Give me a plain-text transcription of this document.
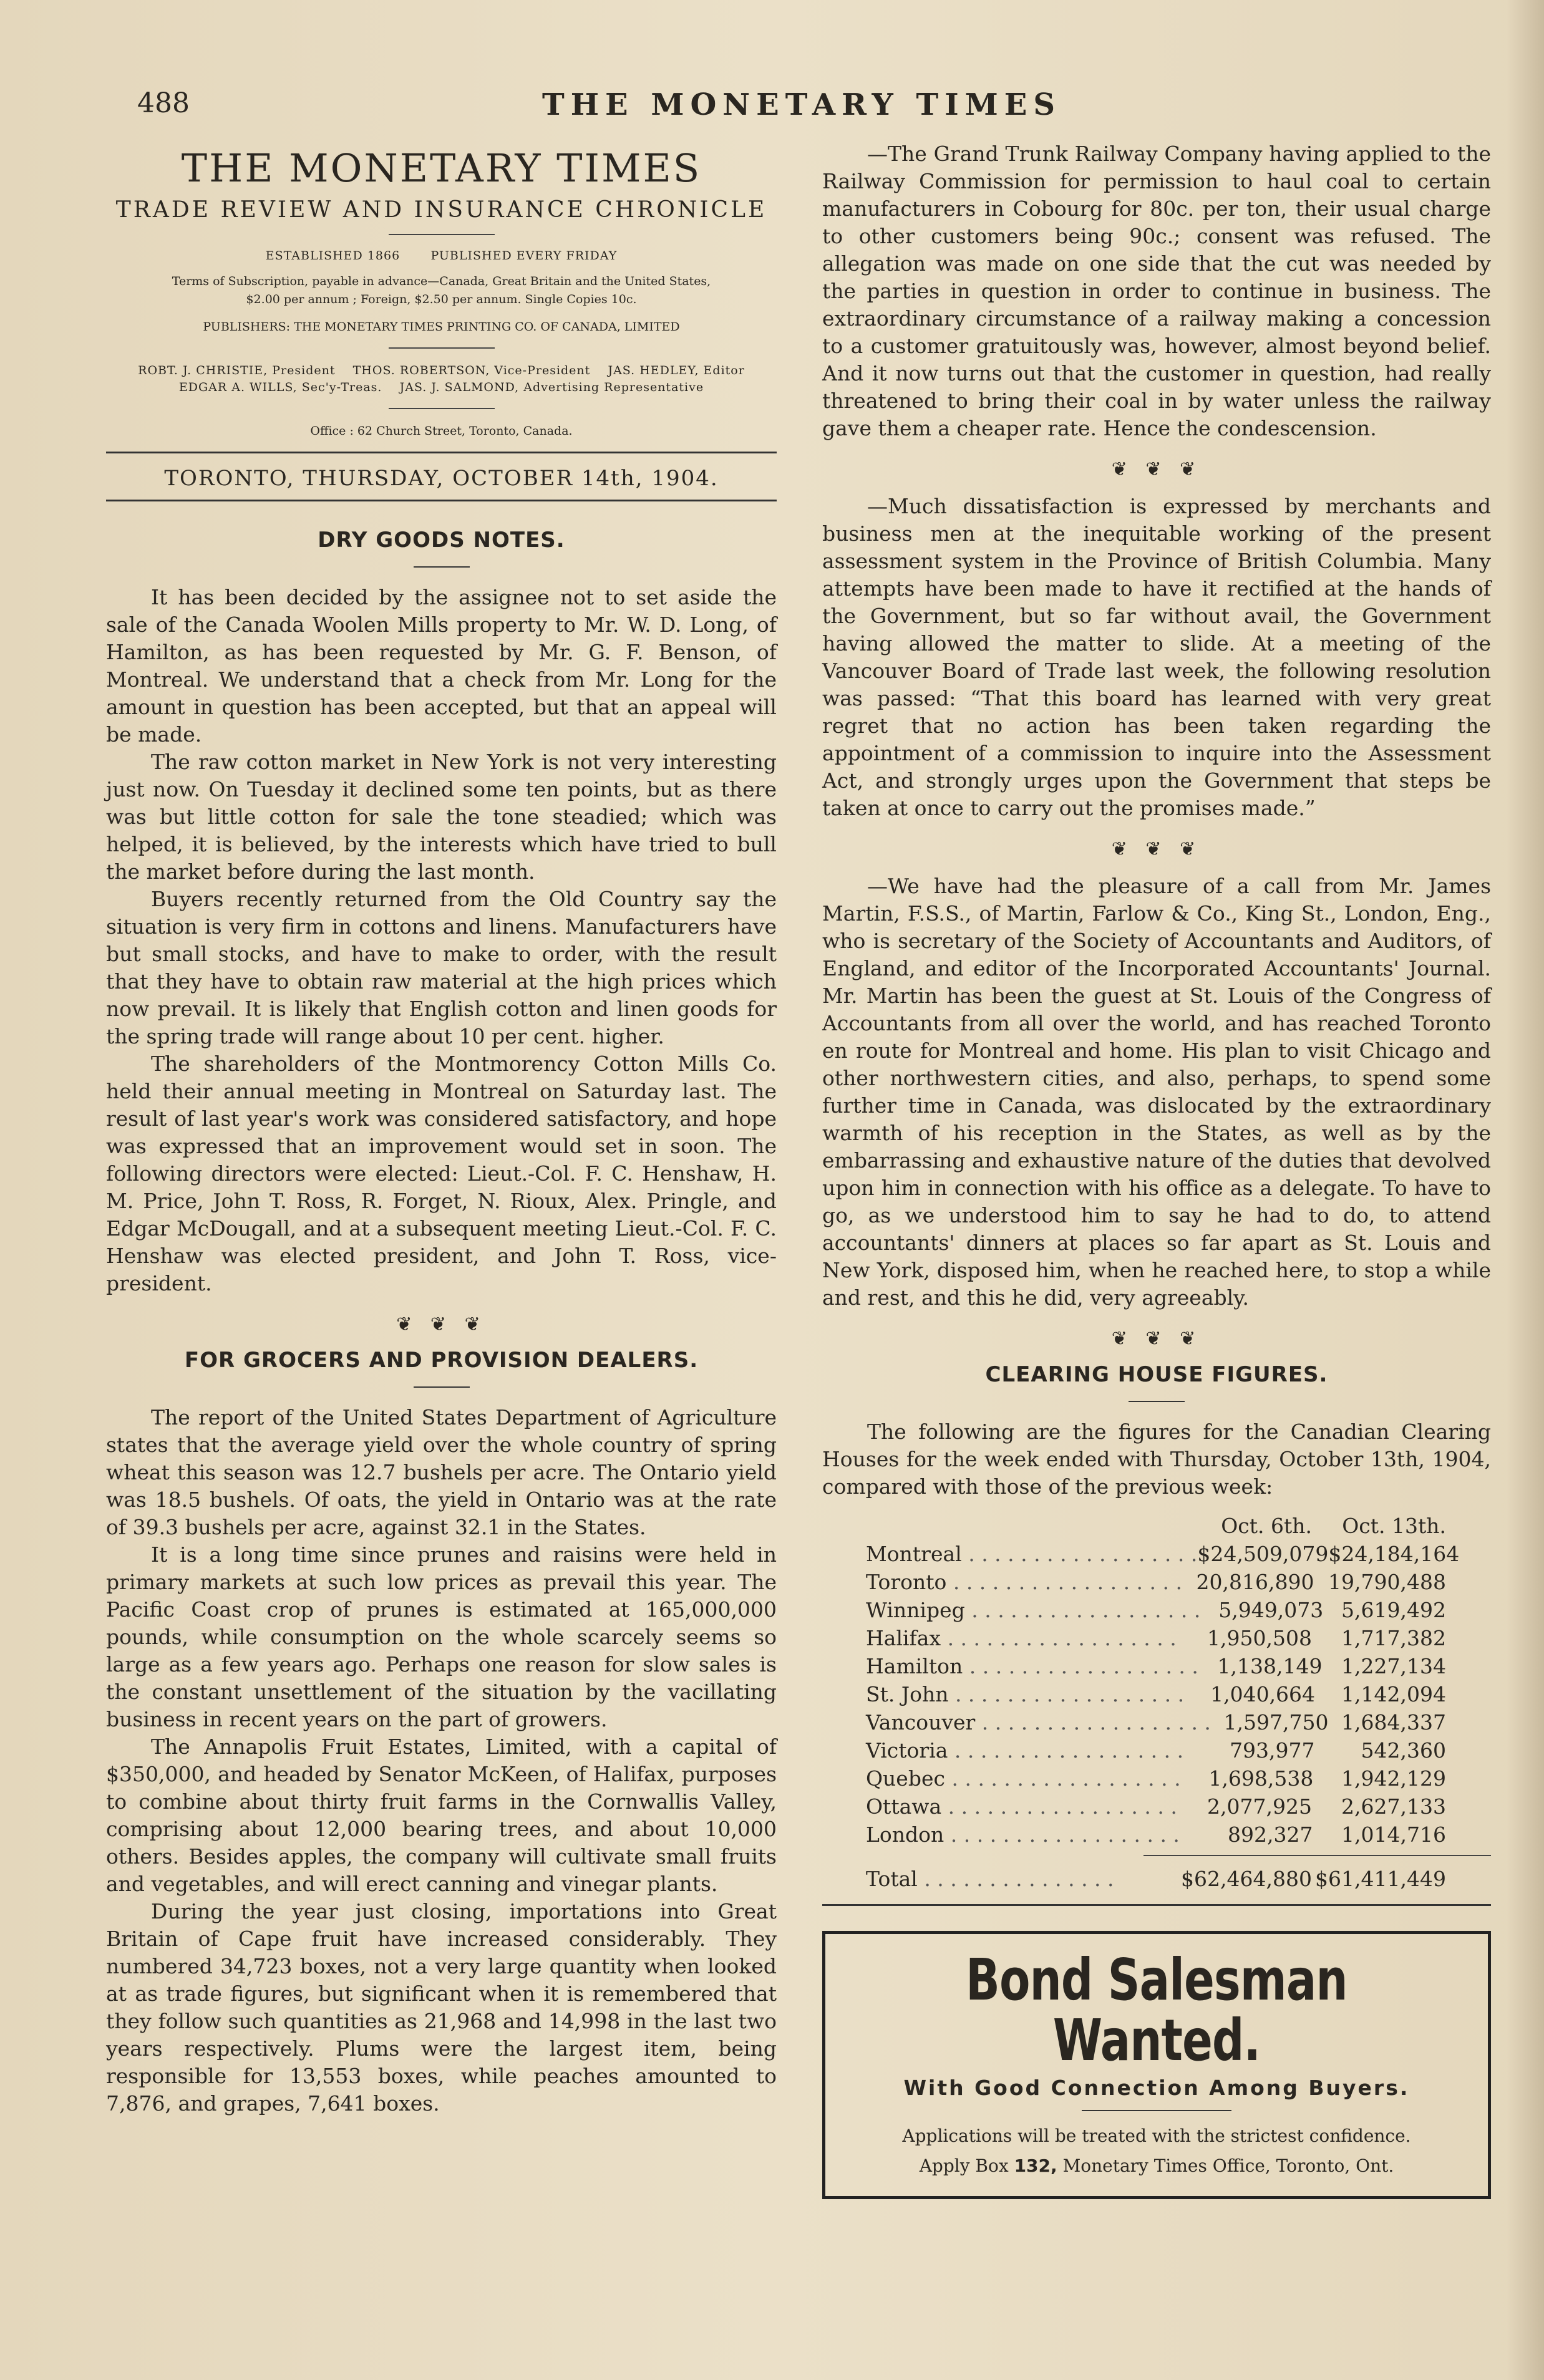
488	THE MONETARY TIMES
THE MONETARY TIMES
TRADE REVIEW AND INSURANCE CHRONICLE
ESTABLISHED 1866	PUBLISHED EVERY FRIDAY
Terms of Subscription, payable in advance—Canada, Great Britain and the United States,
$2.00 per annum ; Foreign, $2.50 per annum. Single Copies 10c.
PUBLISHERS: THE MONETARY TIMES PRINTING CO. OF CANADA, LIMITED
ROBT. J. CHRISTIE, President    THOS. ROBERTSON, Vice-President    JAS. HEDLEY, Editor
EDGAR A. WILLS, Sec'y-Treas.    JAS. J. SALMOND, Advertising Representative
Office : 62 Church Street, Toronto, Canada.
TORONTO, THURSDAY, OCTOBER 14th, 1904.
DRY GOODS NOTES.

It has been decided by the assignee not to set aside the sale of the Canada Woolen Mills property to Mr. W. D. Long, of Hamilton, as has been requested by Mr. G. F. Benson, of Montreal. We understand that a check from Mr. Long for the amount in question has been accepted, but that an appeal will be made.

The raw cotton market in New York is not very interesting just now. On Tuesday it declined some ten points, but as there was but little cotton for sale the tone steadied; which was helped, it is believed, by the interests which have tried to bull the market before during the last month.

Buyers recently returned from the Old Country say the situation is very firm in cottons and linens. Manufacturers have but small stocks, and have to make to order, with the result that they have to obtain raw material at the high prices which now prevail. It is likely that English cotton and linen goods for the spring trade will range about 10 per cent. higher.

The shareholders of the Montmorency Cotton Mills Co. held their annual meeting in Montreal on Saturday last. The result of last year's work was considered satisfactory, and hope was expressed that an improvement would set in soon. The following directors were elected: Lieut.-Col. F. C. Henshaw, H. M. Price, John T. Ross, R. Forget, N. Rioux, Alex. Pringle, and Edgar McDougall, and at a subsequent meeting Lieut.-Col. F. C. Henshaw was elected president, and John T. Ross, vice-president.

❦ ❦ ❦
FOR GROCERS AND PROVISION DEALERS.

The report of the United States Department of Agriculture states that the average yield over the whole country of spring wheat this season was 12.7 bushels per acre. The Ontario yield was 18.5 bushels. Of oats, the yield in Ontario was at the rate of 39.3 bushels per acre, against 32.1 in the States.

It is a long time since prunes and raisins were held in primary markets at such low prices as prevail this year. The Pacific Coast crop of prunes is estimated at 165,000,000 pounds, while consumption on the whole scarcely seems so large as a few years ago. Perhaps one reason for slow sales is the constant unsettlement of the situation by the vacillating business in recent years on the part of growers.

The Annapolis Fruit Estates, Limited, with a capital of $350,000, and headed by Senator McKeen, of Halifax, purposes to combine about thirty fruit farms in the Cornwallis Valley, comprising about 12,000 bearing trees, and about 10,000 others. Besides apples, the company will cultivate small fruits and vegetables, and will erect canning and vinegar plants.

During the year just closing, importations into Great Britain of Cape fruit have increased considerably. They numbered 34,723 boxes, not a very large quantity when looked at as trade figures, but significant when it is remembered that they follow such quantities as 21,968 and 14,998 in the last two years respectively. Plums were the largest item, being responsible for 13,553 boxes, while peaches amounted to 7,876, and grapes, 7,641 boxes.

—The Grand Trunk Railway Company having applied to the Railway Commission for permission to haul coal to certain manufacturers in Cobourg for 80c. per ton, their usual charge to other customers being 90c.; consent was refused. The allegation was made on one side that the cut was needed by the parties in question in order to continue in business. The extraordinary circumstance of a railway making a concession to a customer gratuitously was, however, almost beyond belief. And it now turns out that the customer in question, had really threatened to bring their coal in by water unless the railway gave them a cheaper rate. Hence the condescension.

❦ ❦ ❦

—Much dissatisfaction is expressed by merchants and business men at the inequitable working of the present assessment system in the Province of British Columbia. Many attempts have been made to have it rectified at the hands of the Government, but so far without avail, the Government having allowed the matter to slide. At a meeting of the Vancouver Board of Trade last week, the following resolution was passed: “That this board has learned with very great regret that no action has been taken regarding the appointment of a commission to inquire into the Assessment Act, and strongly urges upon the Government that steps be taken at once to carry out the promises made.”

❦ ❦ ❦

—We have had the pleasure of a call from Mr. James Martin, F.S.S., of Martin, Farlow & Co., King St., London, Eng., who is secretary of the Society of Accountants and Auditors, of England, and editor of the Incorporated Accountants' Journal. Mr. Martin has been the guest at St. Louis of the Congress of Accountants from all over the world, and has reached Toronto en route for Montreal and home. His plan to visit Chicago and other northwestern cities, and also, perhaps, to spend some further time in Canada, was dislocated by the extraordinary warmth of his reception in the States, as well as by the embarrassing and exhaustive nature of the duties that devolved upon him in connection with his office as a delegate. To have to go, as we understood him to say he had to do, to attend accountants' dinners at places so far apart as St. Louis and New York, disposed him, when he reached here, to stop a while and rest, and this he did, very agreeably.

❦ ❦ ❦
CLEARING HOUSE FIGURES.

The following are the figures for the Canadian Clearing Houses for the week ended with Thursday, October 13th, 1904, compared with those of the previous week:

Oct. 6th.	Oct. 13th.
Montreal . . . . . . . . . . . . . . . . . . $24,509,079 $24,184,164
Toronto . . . . . . . . . . . . . . . . . . 20,816,890 19,790,488
Winnipeg . . . . . . . . . . . . . . . . . . 5,949,073 5,619,492
Halifax . . . . . . . . . . . . . . . . . .	1,950,508	1,717,382
Hamilton . . . . . . . . . . . . . . . . . . 1,138,149 1,227,134
St. John . . . . . . . . . . . . . . . . . .	1,040,664	1,142,094
Vancouver . . . . . . . . . . . . . . . . . . 1,597,750 1,684,337
Victoria . . . . . . . . . . . . . . . . . .	793,977	542,360
Quebec . . . . . . . . . . . . . . . . . .	1,698,538	1,942,129
Ottawa . . . . . . . . . . . . . . . . . .	2,077,925	2,627,133
London . . . . . . . . . . . . . . . . . .	892,327	1,014,716
Total . . . . . . . . . . . . . . .	$62,464,880 $61,411,449
Bond Salesman Wanted.
With Good Connection Among Buyers.
Applications will be treated with the strictest confidence.
Apply Box 132, Monetary Times Office, Toronto, Ont.
